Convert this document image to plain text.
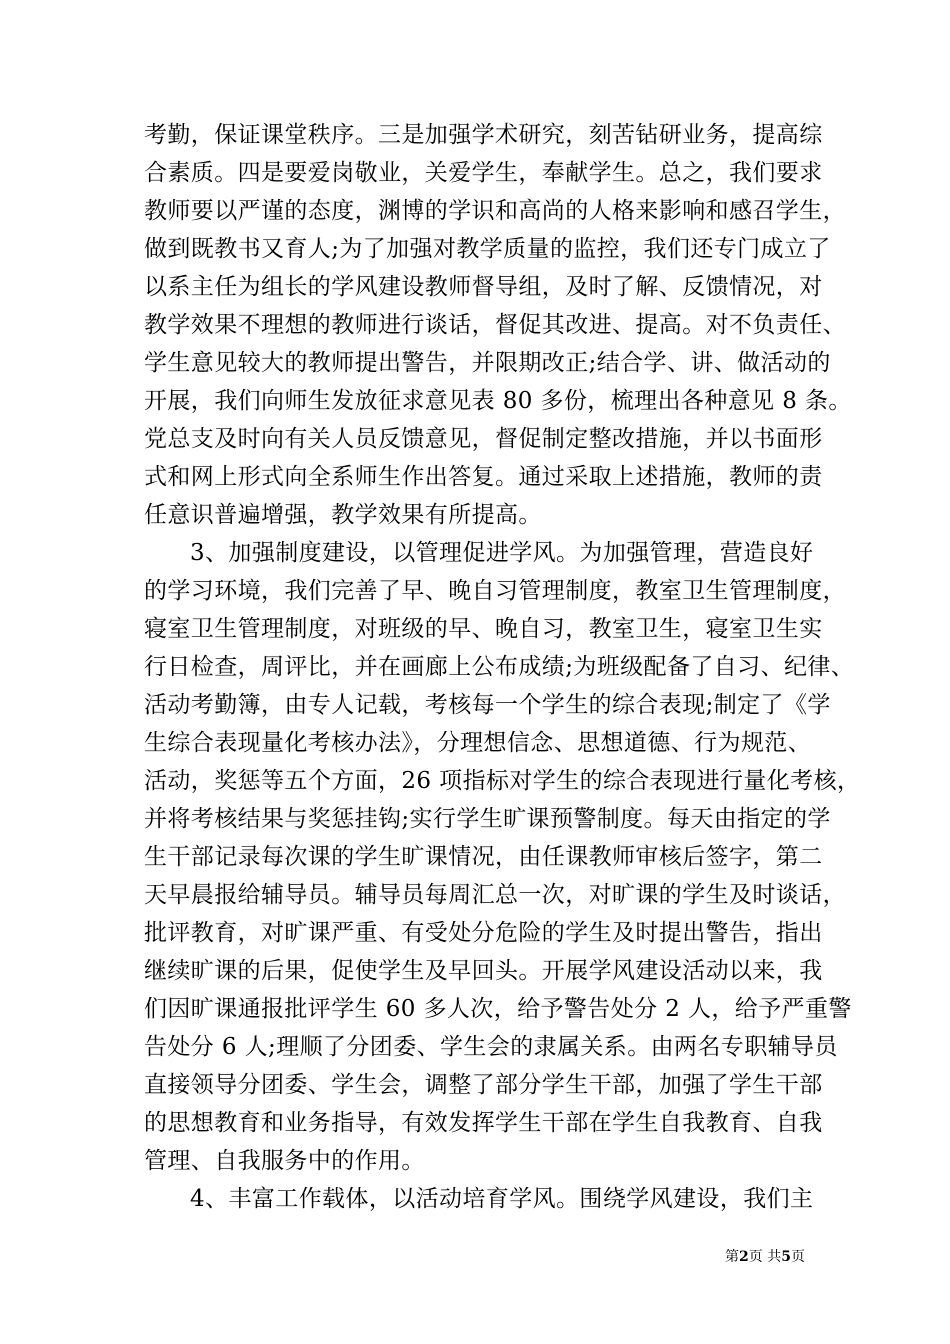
考勤，保证课堂秩序。三是加强学术研究，刻苦钻研业务，提高综
合素质。四是要爱岗敬业，关爱学生，奉献学生。总之，我们要求
教师要以严谨的态度，渊博的学识和高尚的人格来影响和感召学生，
做到既教书又育人;为了加强对教学质量的监控，我们还专门成立了
以系主任为组长的学风建设教师督导组，及时了解、反馈情况，对
教学效果不理想的教师进行谈话，督促其改进、提高。对不负责任、
学生意见较大的教师提出警告，并限期改正;结合学、讲、做活动的
开展，我们向师生发放征求意见表 80 多份，梳理出各种意见 8 条。
党总支及时向有关人员反馈意见，督促制定整改措施，并以书面形
式和网上形式向全系师生作出答复。通过采取上述措施，教师的责
任意识普遍增强，教学效果有所提高。
3、加强制度建设，以管理促进学风。为加强管理，营造良好
的学习环境，我们完善了早、晚自习管理制度，教室卫生管理制度，
寝室卫生管理制度，对班级的早、晚自习，教室卫生，寝室卫生实
行日检查，周评比，并在画廊上公布成绩;为班级配备了自习、纪律、
活动考勤簿，由专人记载，考核每一个学生的综合表现;制定了《学
生综合表现量化考核办法》，分理想信念、思想道德、行为规范、
活动，奖惩等五个方面，26 项指标对学生的综合表现进行量化考核，
并将考核结果与奖惩挂钩;实行学生旷课预警制度。每天由指定的学
生干部记录每次课的学生旷课情况，由任课教师审核后签字，第二
天早晨报给辅导员。辅导员每周汇总一次，对旷课的学生及时谈话，
批评教育，对旷课严重、有受处分危险的学生及时提出警告，指出
继续旷课的后果，促使学生及早回头。开展学风建设活动以来，我
们因旷课通报批评学生 60 多人次，给予警告处分 2 人，给予严重警
告处分 6 人;理顺了分团委、学生会的隶属关系。由两名专职辅导员
直接领导分团委、学生会，调整了部分学生干部，加强了学生干部
的思想教育和业务指导，有效发挥学生干部在学生自我教育、自我
管理、自我服务中的作用。
4、丰富工作载体，以活动培育学风。围绕学风建设，我们主
第2页 共5页
